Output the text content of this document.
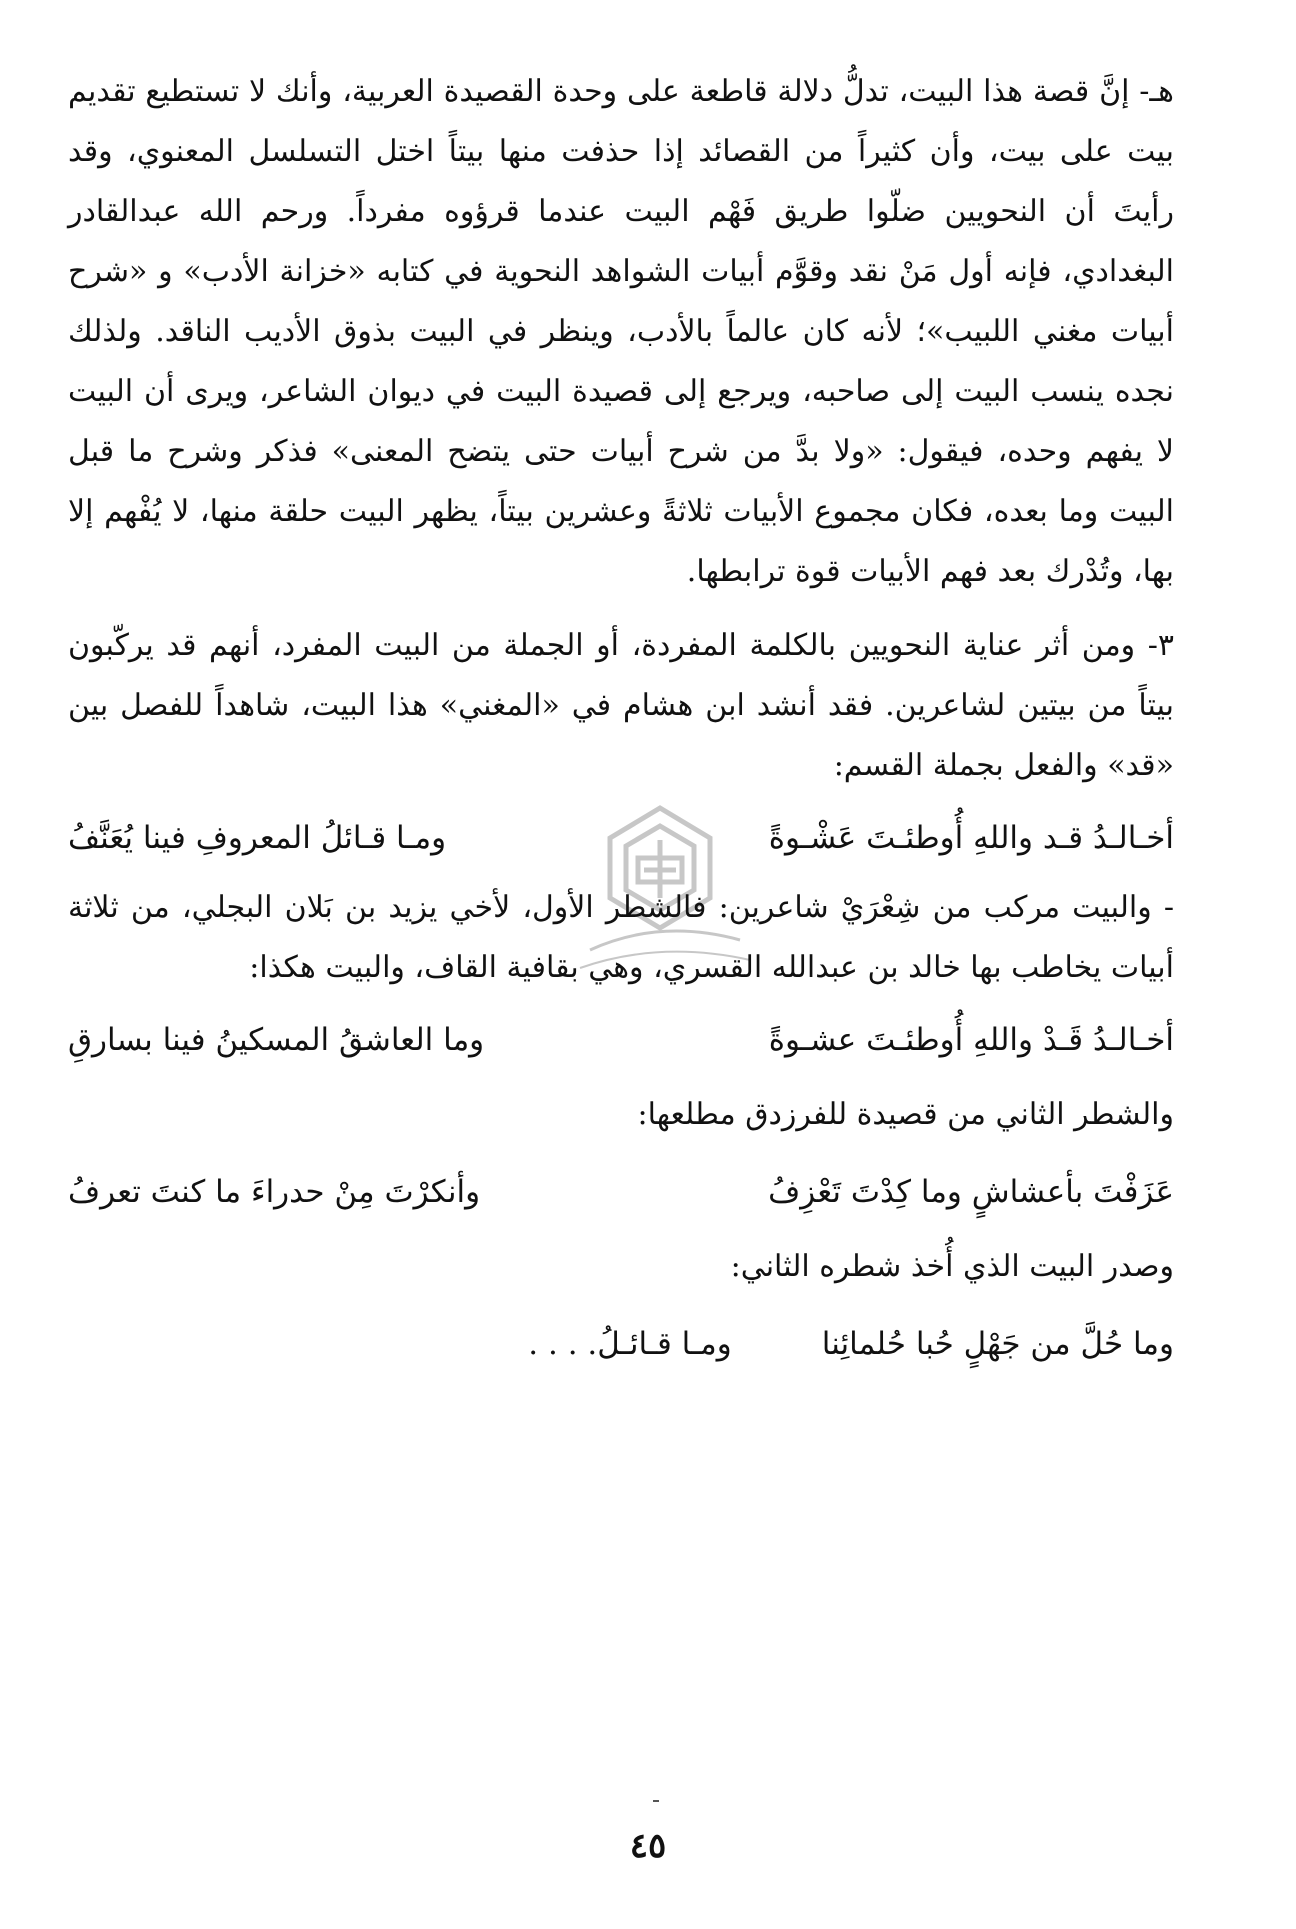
هـ- إنَّ قصة هذا البيت، تدلُّ دلالة قاطعة على وحدة القصيدة العربية، وأنك لا تستطيع تقديم بيت على بيت، وأن كثيراً من القصائد إذا حذفت منها بيتاً اختل التسلسل المعنوي، وقد رأيتَ أن النحويين ضلّوا طريق فَهْم البيت عندما قرؤوه مفرداً. ورحم الله عبدالقادر البغدادي، فإنه أول مَنْ نقد وقوَّم أبيات الشواهد النحوية في كتابه «خزانة الأدب» و «شرح أبيات مغني اللبيب»؛ لأنه كان عالماً بالأدب، وينظر في البيت بذوق الأديب الناقد. ولذلك نجده ينسب البيت إلى صاحبه، ويرجع إلى قصيدة البيت في ديوان الشاعر، ويرى أن البيت لا يفهم وحده، فيقول: «ولا بدَّ من شرح أبيات حتى يتضح المعنى» فذكر وشرح ما قبل البيت وما بعده، فكان مجموع الأبيات ثلاثةً وعشرين بيتاً، يظهر البيت حلقة منها، لا يُفْهم إلا بها، وتُدْرك بعد فهم الأبيات قوة ترابطها.

٣- ومن أثر عناية النحويين بالكلمة المفردة، أو الجملة من البيت المفرد، أنهم قد يركّبون بيتاً من بيتين لشاعرين. فقد أنشد ابن هشام في «المغني» هذا البيت، شاهداً للفصل بين «قد» والفعل بجملة القسم:

أخـالـدُ قـد واللهِ أُوطئـتَ عَشْـوةً
ومـا قـائلُ المعروفِ فينا يُعَنَّفُ

- والبيت مركب من شِعْرَيْ شاعرين: فالشطر الأول، لأخي يزيد بن بَلان البجلي، من ثلاثة أبيات يخاطب بها خالد بن عبدالله القسري، وهي بقافية القاف، والبيت هكذا:

أخـالـدُ قَـدْ واللهِ أُوطئـتَ عشـوةً
وما العاشقُ المسكينُ فينا بسارقِ

والشطر الثاني من قصيدة للفرزدق مطلعها:

عَزَفْتَ بأعشاشٍ وما كِدْتَ تَعْزِفُ
وأنكرْتَ مِنْ حدراءَ ما كنتَ تعرفُ

وصدر البيت الذي أُخذ شطره الثاني:

وما حُلَّ من جَهْلٍ حُبا حُلمائِنا
ومـا قـائـلُ. . . .
٤٥
